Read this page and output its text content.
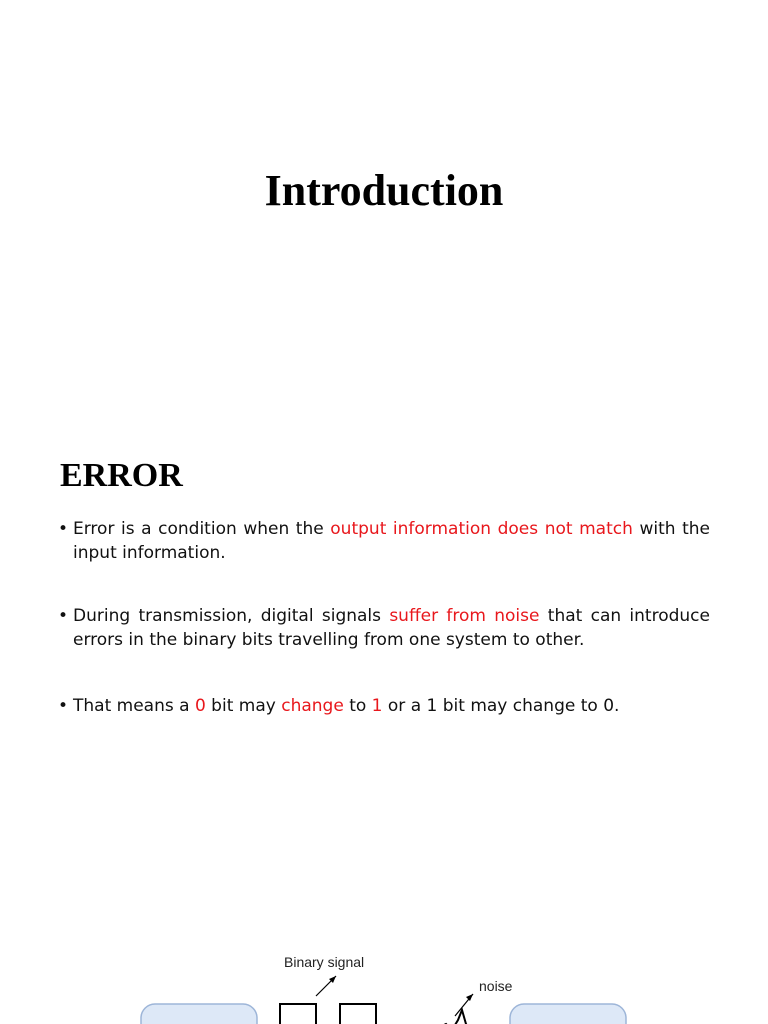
Introduction
ERROR
• Error is a condition when the output information does not match with the input information.
• During transmission, digital signals suffer from noise that can introduce errors in the binary bits travelling from one system to other.
• That means a 0 bit may change to 1 or a 1 bit may change to 0.
Binary signal
noise
